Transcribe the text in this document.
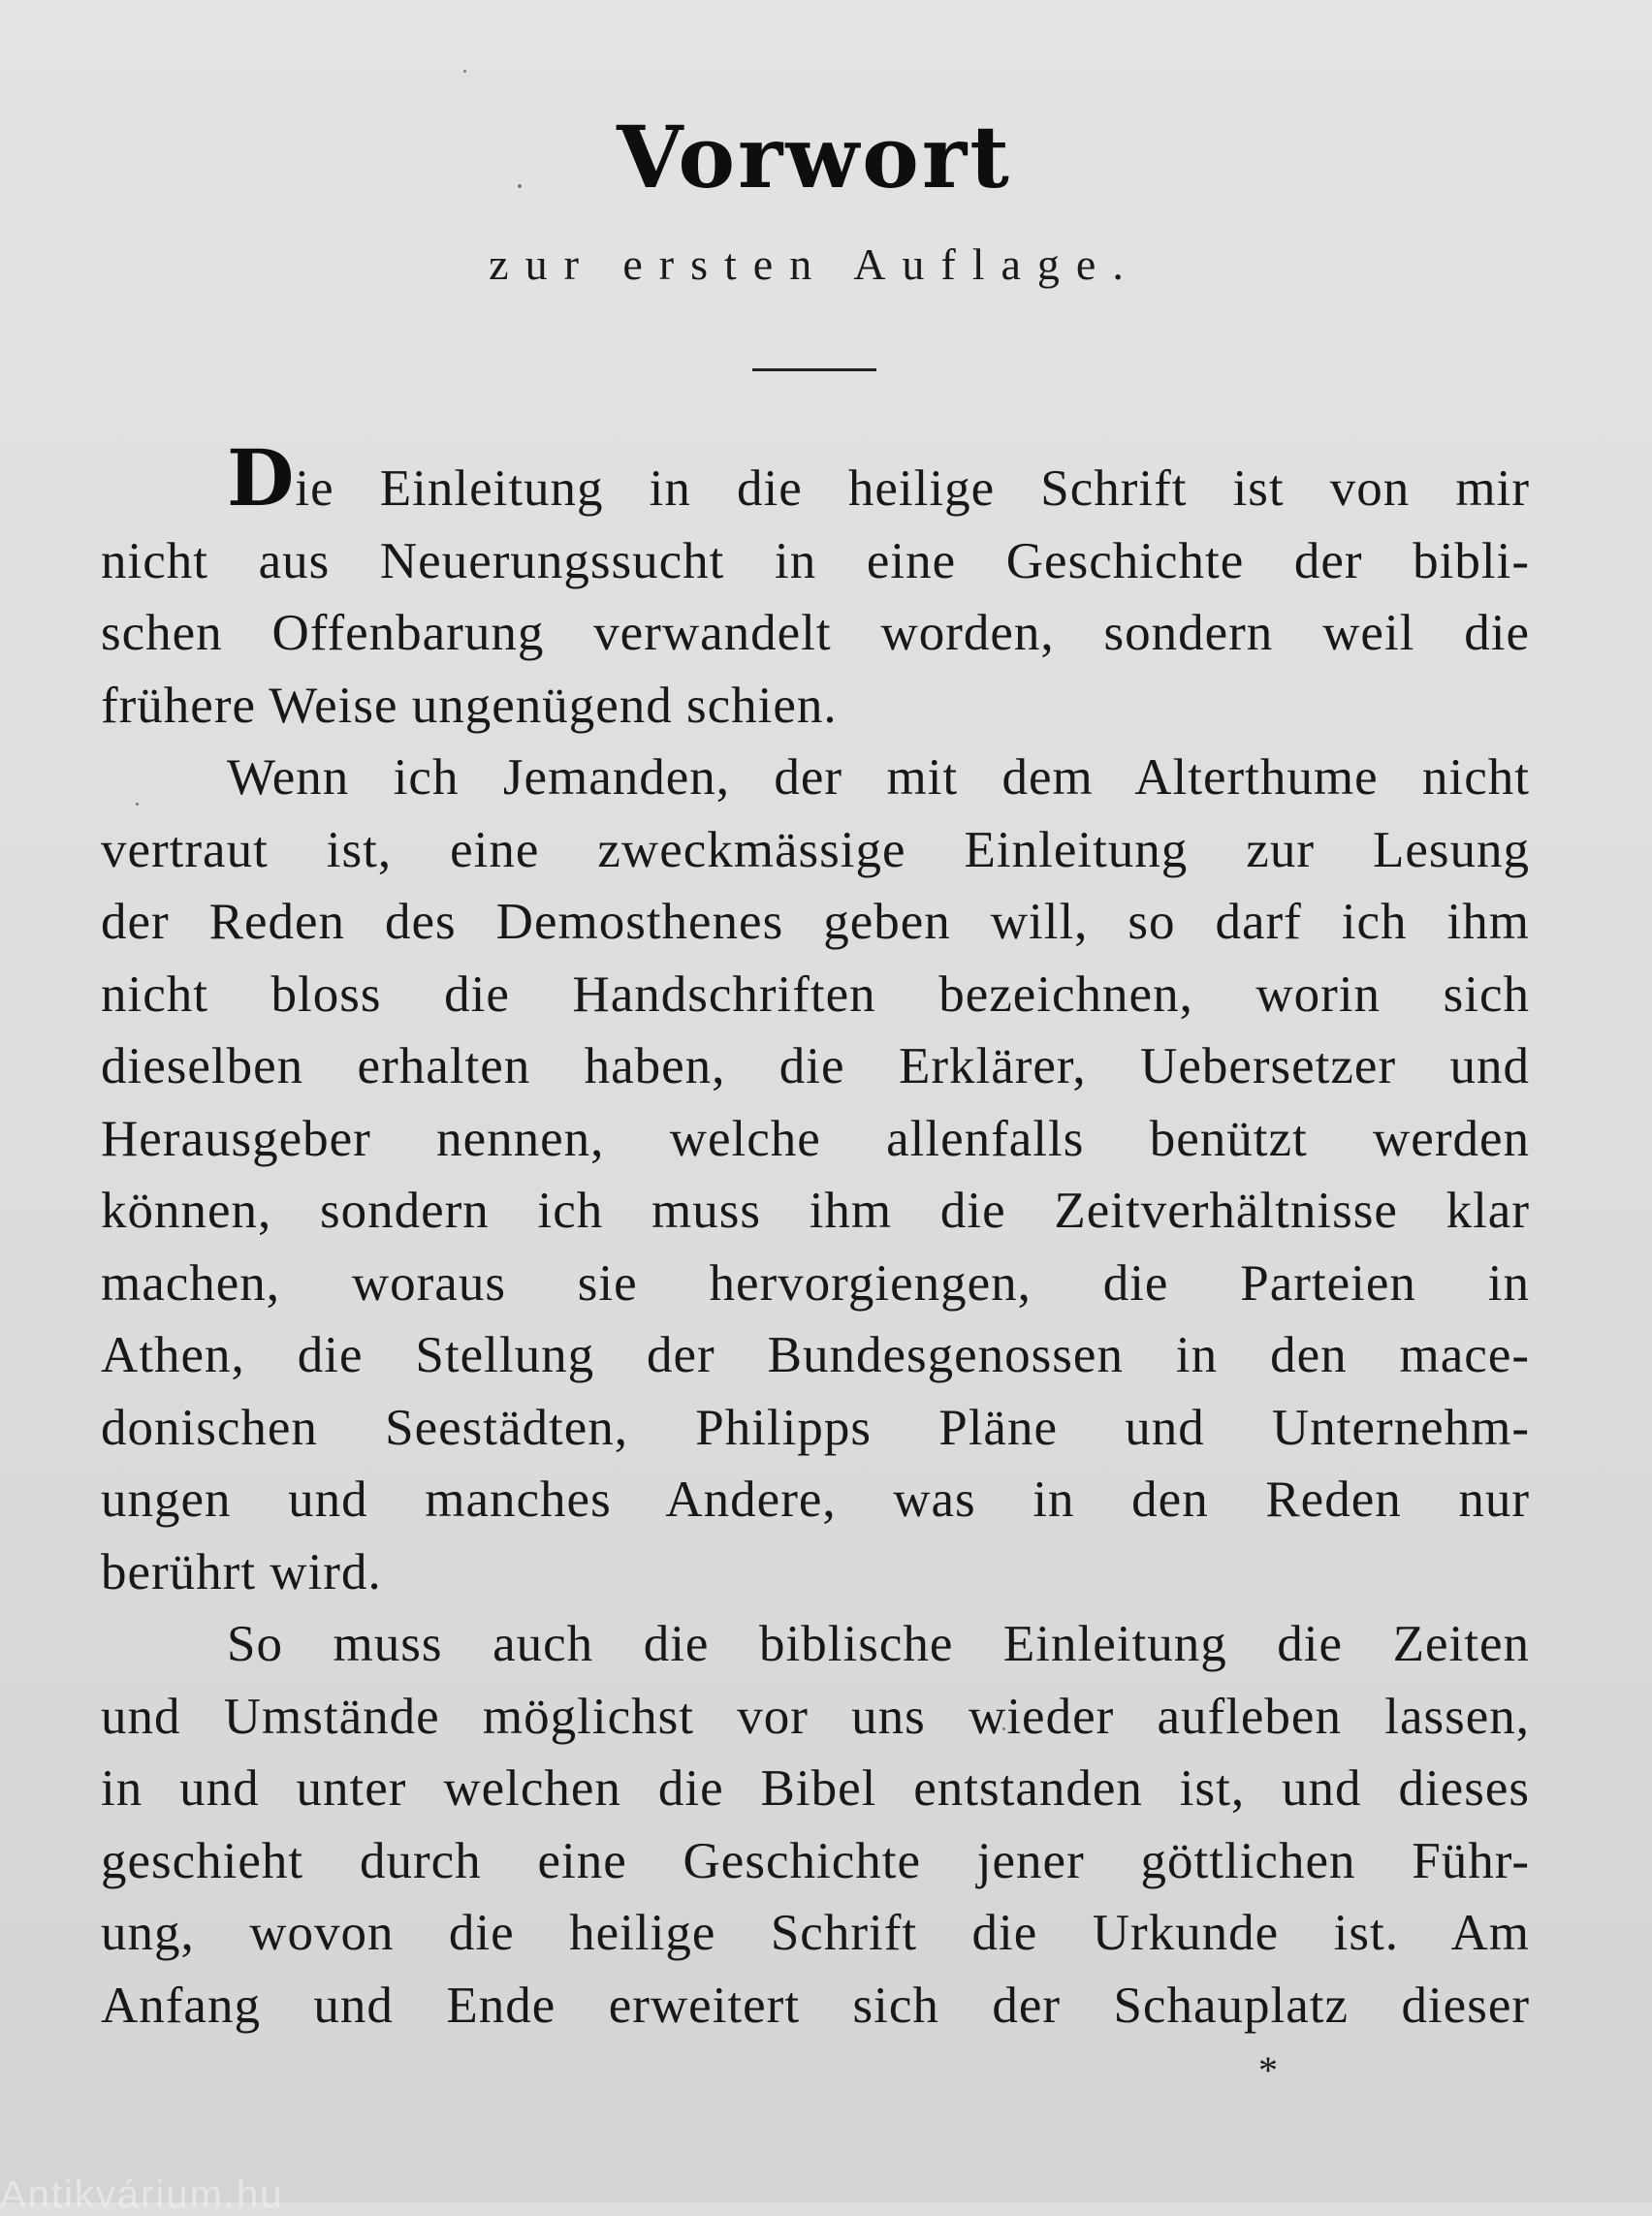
Vorwort
zur ersten Auflage.

Die Einleitung in die heilige Schrift ist von mir
nicht aus Neuerungssucht in eine Geschichte der bibli-
schen Offenbarung verwandelt worden, sondern weil die
frühere Weise ungenügend schien.

Wenn ich Jemanden, der mit dem Alterthume nicht
vertraut ist, eine zweckmässige Einleitung zur Lesung
der Reden des Demosthenes geben will, so darf ich ihm
nicht bloss die Handschriften bezeichnen, worin sich
dieselben erhalten haben, die Erklärer, Uebersetzer und
Herausgeber nennen, welche allenfalls benützt werden
können, sondern ich muss ihm die Zeitverhältnisse klar
machen, woraus sie hervorgiengen, die Parteien in
Athen, die Stellung der Bundesgenossen in den mace-
donischen Seestädten, Philipps Pläne und Unternehm-
ungen und manches Andere, was in den Reden nur
berührt wird.

So muss auch die biblische Einleitung die Zeiten
und Umstände möglichst vor uns wieder aufleben lassen,
in und unter welchen die Bibel entstanden ist, und dieses
geschieht durch eine Geschichte jener göttlichen Führ-
ung, wovon die heilige Schrift die Urkunde ist. Am
Anfang und Ende erweitert sich der Schauplatz dieser

*
Antikvárium.hu
